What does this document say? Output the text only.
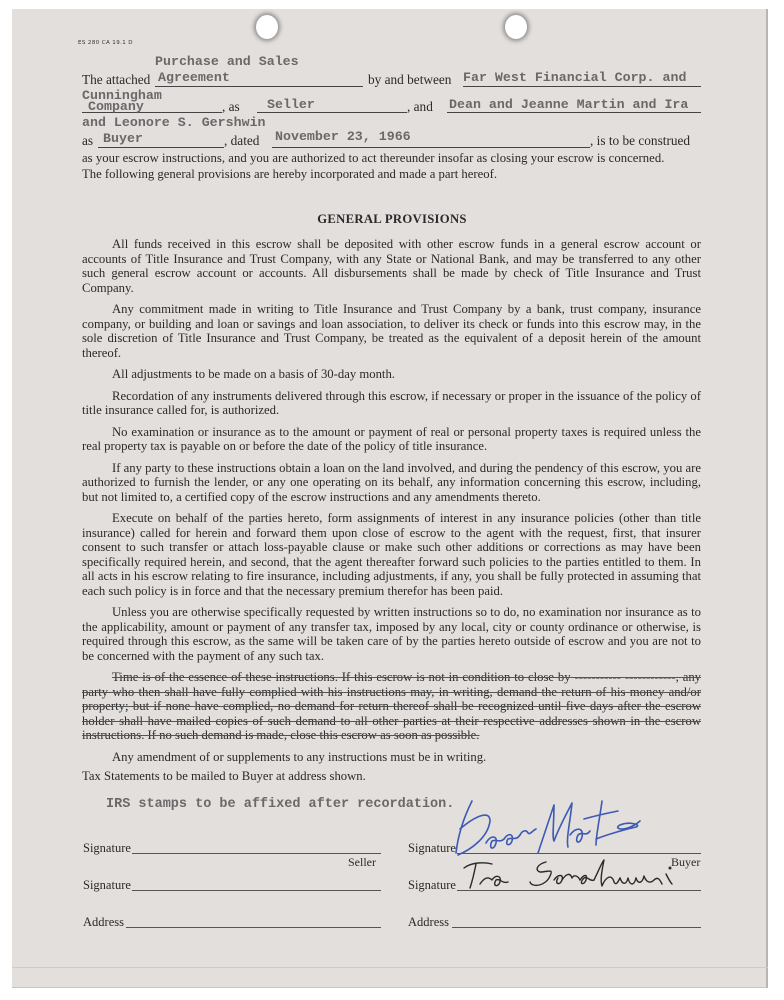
ES 280 CA 19.1 D
Purchase and Sales
The attached Agreement	by and between Far West Financial Corp. and
Cunningham
Company	, as Seller	, and Dean and Jeanne Martin and Ira
and Leonore S. Gershwin
as Buyer	, dated November 23, 1966	, is to be construed
as your escrow instructions, and you are authorized to act thereunder insofar as closing your escrow is concerned.
The following general provisions are hereby incorporated and made a part hereof.
GENERAL PROVISIONS

All funds received in this escrow shall be deposited with other escrow funds in a general escrow account or accounts of Title Insurance and Trust Company, with any State or National Bank, and may be transferred to any other such general escrow account or accounts. All disbursements shall be made by check of Title Insurance and Trust Company.

Any commitment made in writing to Title Insurance and Trust Company by a bank, trust company, insurance company, or building and loan or savings and loan association, to deliver its check or funds into this escrow may, in the sole discretion of Title Insurance and Trust Company, be treated as the equivalent of a deposit herein of the amount thereof.

All adjustments to be made on a basis of 30-day month.

Recordation of any instruments delivered through this escrow, if necessary or proper in the issuance of the policy of title insurance called for, is authorized.

No examination or insurance as to the amount or payment of real or personal property taxes is required unless the real property tax is payable on or before the date of the policy of title insurance.

If any party to these instructions obtain a loan on the land involved, and during the pendency of this escrow, you are authorized to furnish the lender, or any one operating on its behalf, any information concerning this escrow, including, but not limited to, a certified copy of the escrow instructions and any amendments thereto.

Execute on behalf of the parties hereto, form assignments of interest in any insurance policies (other than title insurance) called for herein and forward them upon close of escrow to the agent with the request, first, that insurer consent to such transfer or attach loss-payable clause or make such other additions or corrections as may have been specifically required herein, and second, that the agent thereafter forward such policies to the parties entitled to them. In all acts in his escrow relating to fire insurance, including adjustments, if any, you shall be fully protected in assuming that each such policy is in force and that the necessary premium therefor has been paid.

Unless you are otherwise specifically requested by written instructions so to do, no examination nor insurance as to the applicability, amount or payment of any transfer tax, imposed by any local, city or county ordinance or otherwise, is required through this escrow, as the same will be taken care of by the parties hereto outside of escrow and you are not to be concerned with the payment of any such tax.

Time is of the essence of these instructions. If this escrow is not in condition to close by ----------- ------------, any party who then shall have fully complied with his instructions may, in writing, demand the return of his money and/or property; but if none have complied, no demand for return thereof shall be recognized until five days after the escrow holder shall have mailed copies of such demand to all other parties at their respective addresses shown in the escrow instructions. If no such demand is made, close this escrow as soon as possible.

Any amendment of or supplements to any instructions must be in writing.

Tax Statements to be mailed to Buyer at address shown.

IRS stamps to be affixed after recordation.
Signature
Seller
Signature
Address
Signature
Buyer
Signature
Address
